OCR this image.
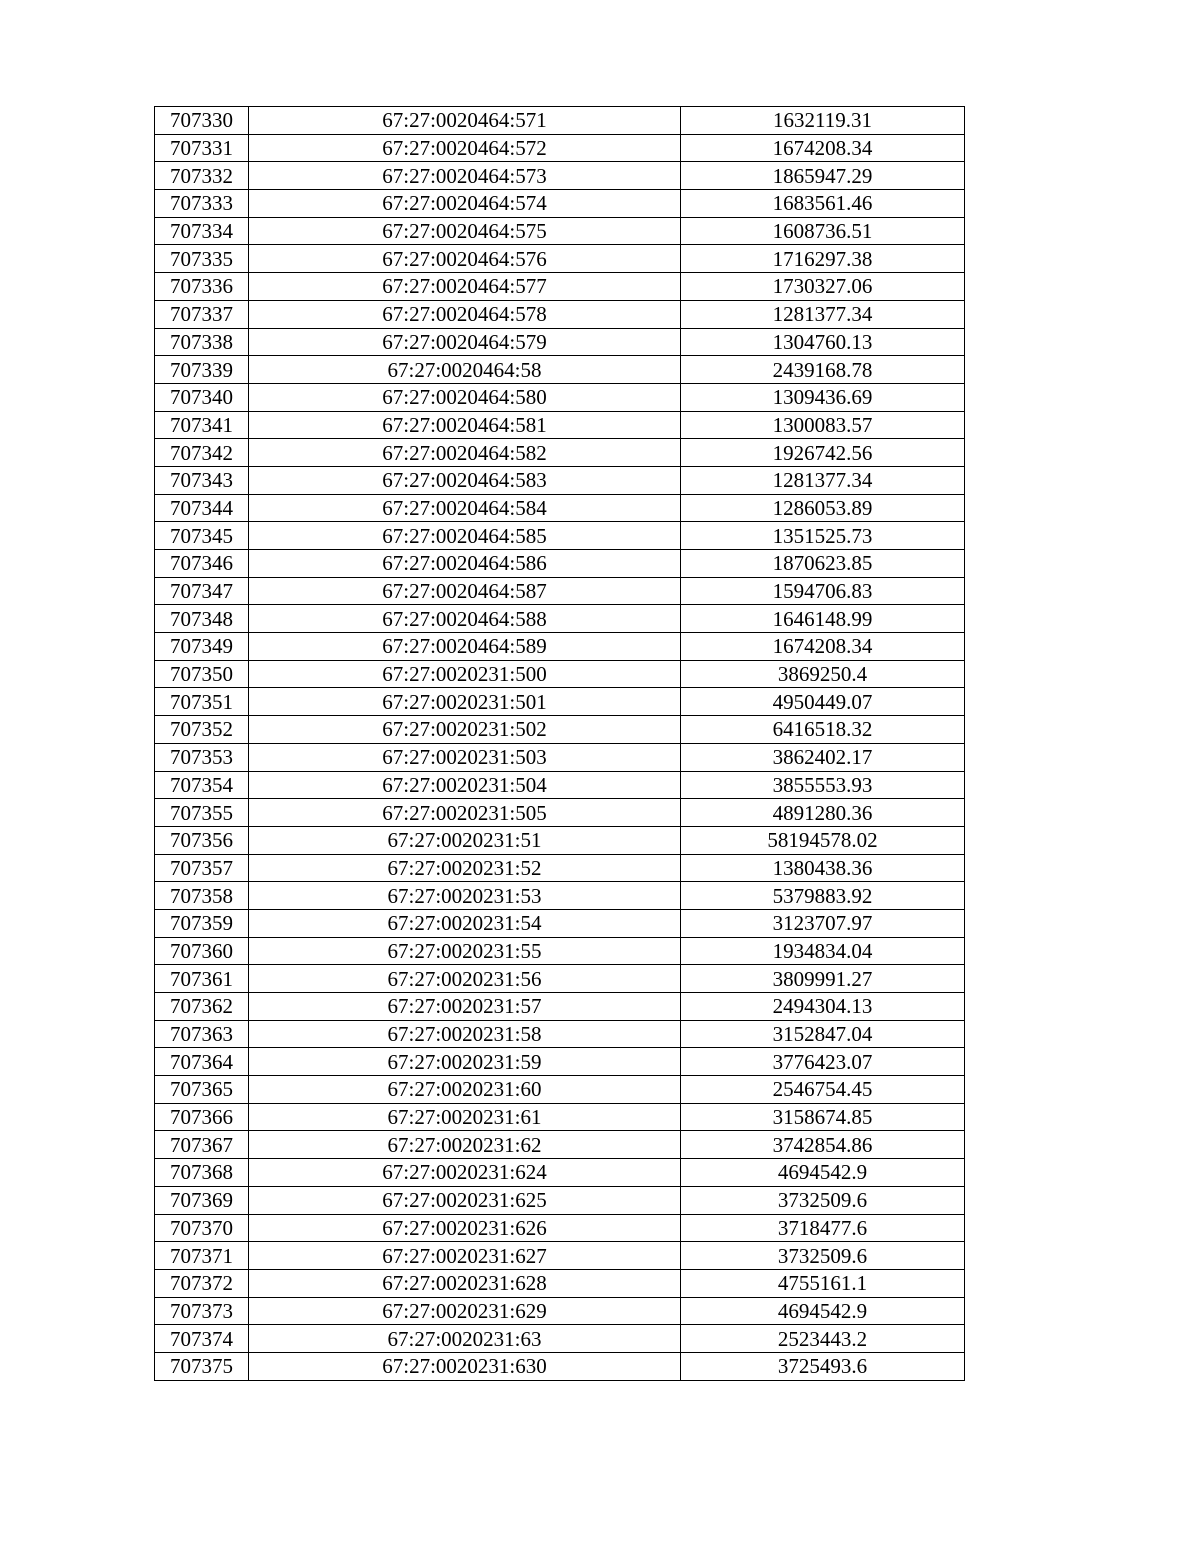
707330	67:27:0020464:571	1632119.31
707331	67:27:0020464:572	1674208.34
707332	67:27:0020464:573	1865947.29
707333	67:27:0020464:574	1683561.46
707334	67:27:0020464:575	1608736.51
707335	67:27:0020464:576	1716297.38
707336	67:27:0020464:577	1730327.06
707337	67:27:0020464:578	1281377.34
707338	67:27:0020464:579	1304760.13
707339	67:27:0020464:58	2439168.78
707340	67:27:0020464:580	1309436.69
707341	67:27:0020464:581	1300083.57
707342	67:27:0020464:582	1926742.56
707343	67:27:0020464:583	1281377.34
707344	67:27:0020464:584	1286053.89
707345	67:27:0020464:585	1351525.73
707346	67:27:0020464:586	1870623.85
707347	67:27:0020464:587	1594706.83
707348	67:27:0020464:588	1646148.99
707349	67:27:0020464:589	1674208.34
707350	67:27:0020231:500	3869250.4
707351	67:27:0020231:501	4950449.07
707352	67:27:0020231:502	6416518.32
707353	67:27:0020231:503	3862402.17
707354	67:27:0020231:504	3855553.93
707355	67:27:0020231:505	4891280.36
707356	67:27:0020231:51	58194578.02
707357	67:27:0020231:52	1380438.36
707358	67:27:0020231:53	5379883.92
707359	67:27:0020231:54	3123707.97
707360	67:27:0020231:55	1934834.04
707361	67:27:0020231:56	3809991.27
707362	67:27:0020231:57	2494304.13
707363	67:27:0020231:58	3152847.04
707364	67:27:0020231:59	3776423.07
707365	67:27:0020231:60	2546754.45
707366	67:27:0020231:61	3158674.85
707367	67:27:0020231:62	3742854.86
707368	67:27:0020231:624	4694542.9
707369	67:27:0020231:625	3732509.6
707370	67:27:0020231:626	3718477.6
707371	67:27:0020231:627	3732509.6
707372	67:27:0020231:628	4755161.1
707373	67:27:0020231:629	4694542.9
707374	67:27:0020231:63	2523443.2
707375	67:27:0020231:630	3725493.6
